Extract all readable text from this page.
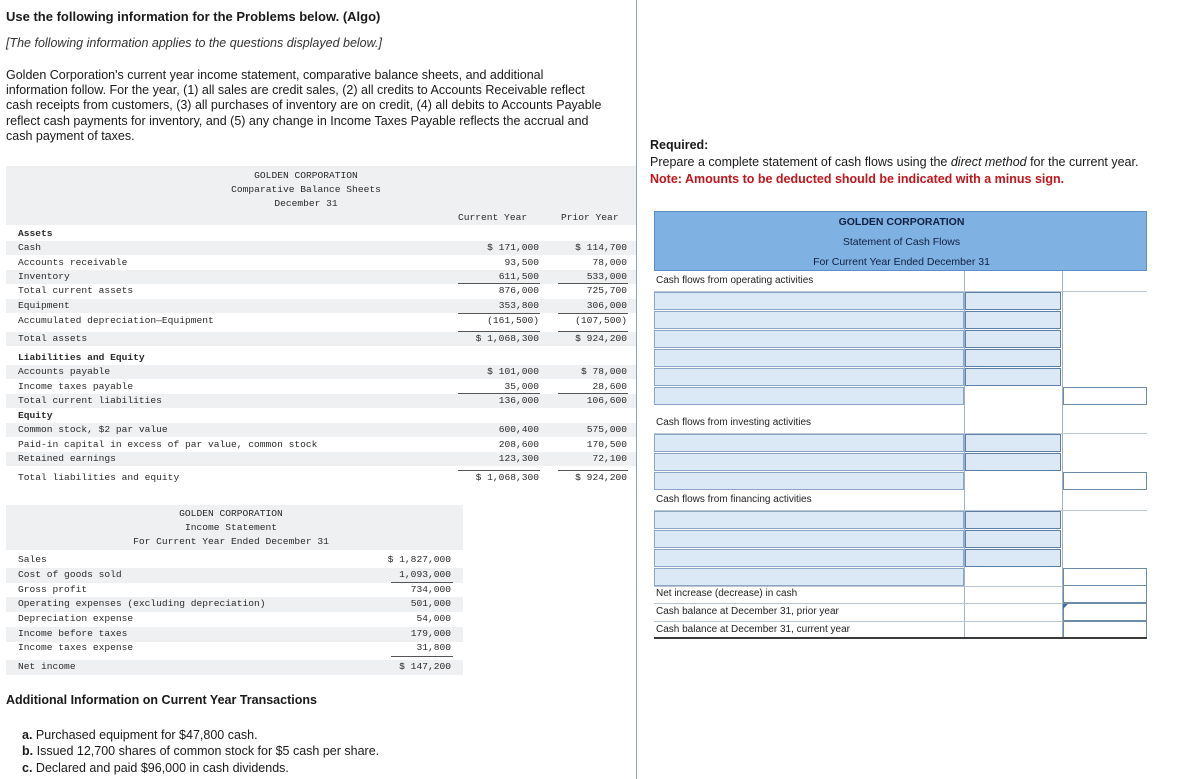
Use the following information for the Problems below. (Algo)
[The following information applies to the questions displayed below.]
Golden Corporation's current year income statement, comparative balance sheets, and additional information follow. For the year, (1) all sales are credit sales, (2) all credits to Accounts Receivable reflect cash receipts from customers, (3) all purchases of inventory are on credit, (4) all debits to Accounts Payable reflect cash payments for inventory, and (5) any change in Income Taxes Payable reflects the accrual and cash payment of taxes.
GOLDEN CORPORATION
Comparative Balance Sheets
December 31
Current Year	Prior Year
Assets
Cash	$ 171,000	$ 114,700
Accounts receivable	93,500	78,000
Inventory	611,500	533,000
Total current assets	876,000	725,700
Equipment	353,800	306,000
Accumulated depreciation—Equipment	(161,500)	(107,500)
Total assets	$ 1,068,300	$ 924,200
Liabilities and Equity
Accounts payable	$ 101,000	$ 78,000
Income taxes payable	35,000	28,600
Total current liabilities	136,000	106,600
Equity
Common stock, $2 par value	600,400	575,000
Paid-in capital in excess of par value, common stock	208,600	170,500
Retained earnings	123,300	72,100
Total liabilities and equity	$ 1,068,300	$ 924,200
GOLDEN CORPORATION
Income Statement
For Current Year Ended December 31
Sales	$ 1,827,000
Cost of goods sold	1,093,000
Gross profit	734,000
Operating expenses (excluding depreciation)	501,000
Depreciation expense	54,000
Income before taxes	179,000
Income taxes expense	31,800
Net income	$ 147,200
Additional Information on Current Year Transactions
a. Purchased equipment for $47,800 cash.
b. Issued 12,700 shares of common stock for $5 cash per share.
c. Declared and paid $96,000 in cash dividends.
Required:
Prepare a complete statement of cash flows using the direct method for the current year.
Note: Amounts to be deducted should be indicated with a minus sign.
GOLDEN CORPORATION
Statement of Cash Flows
For Current Year Ended December 31
Cash flows from operating activities
Cash flows from investing activities
Cash flows from financing activities
Net increase (decrease) in cash
Cash balance at December 31, prior year
Cash balance at December 31, current year
